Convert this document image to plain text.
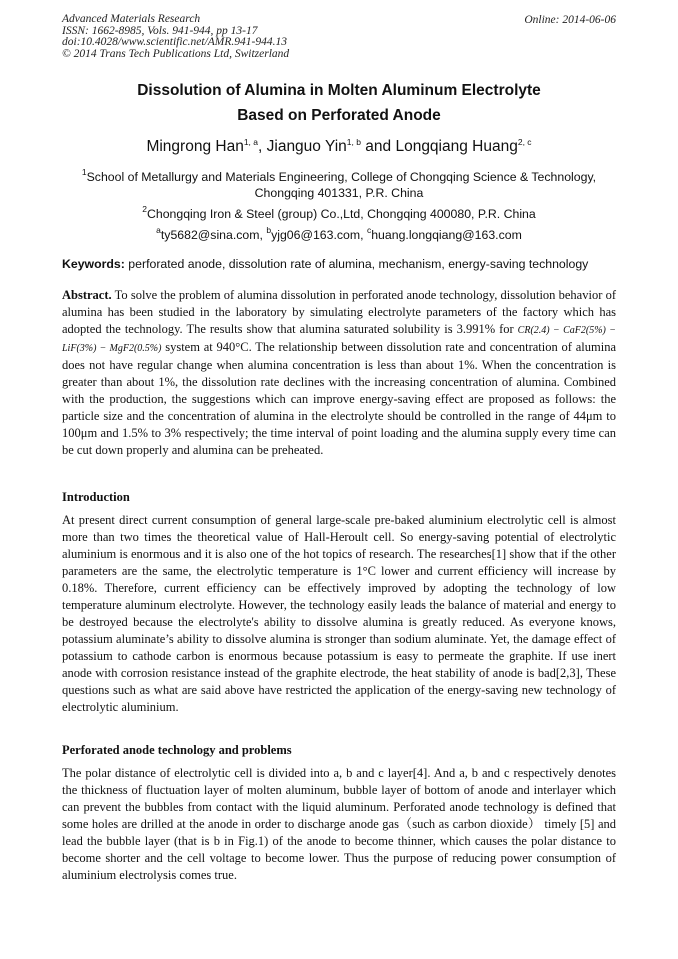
Advanced Materials Research
ISSN: 1662-8985, Vols. 941-944, pp 13-17
doi:10.4028/www.scientific.net/AMR.941-944.13
© 2014 Trans Tech Publications Ltd, Switzerland
Online: 2014-06-06
Dissolution of Alumina in Molten Aluminum Electrolyte
Based on Perforated Anode
Mingrong Han$^{1, a}$, Jianguo Yin$^{1, b}$ and Longqiang Huang$^{2, c}$
$^1$School of Metallurgy and Materials Engineering, College of Chongqing Science & Technology, Chongqing 401331, P.R. China
$^2$Chongqing Iron & Steel (group) Co.,Ltd, Chongqing 400080, P.R. China
$^a$ty5682@sina.com, $^b$yjg06@163.com, $^c$huang.longqiang@163.com
Keywords: perforated anode, dissolution rate of alumina, mechanism, energy-saving technology
Abstract. To solve the problem of alumina dissolution in perforated anode technology, dissolution behavior of alumina has been studied in the laboratory by simulating electrolyte parameters of the factory which has adopted the technology. The results show that alumina saturated solubility is 3.991% for CR(2.4) − CaF2(5%) − LiF(3%) − MgF2(0.5%) system at 940°C. The relationship between dissolution rate and concentration of alumina does not have regular change when alumina concentration is less than about 1%. When the concentration is greater than about 1%, the dissolution rate declines with the increasing concentration of alumina. Combined with the production, the suggestions which can improve energy-saving effect are proposed as follows: the particle size and the concentration of alumina in the electrolyte should be controlled in the range of 44μm to 100μm and 1.5% to 3% respectively; the time interval of point loading and the alumina supply every time can be cut down properly and alumina can be preheated.
Introduction
At present direct current consumption of general large-scale pre-baked aluminium electrolytic cell is almost more than two times the theoretical value of Hall-Heroult cell. So energy-saving potential of electrolytic aluminium is enormous and it is also one of the hot topics of research. The researches[1] show that if the other parameters are the same, the electrolytic temperature is 1°C lower and current efficiency will increase by 0.18%. Therefore, current efficiency can be effectively improved by adopting the technology of low temperature aluminum electrolyte. However, the technology easily leads the balance of material and energy to be destroyed because the electrolyte's ability to dissolve alumina is greatly reduced. As everyone knows, potassium aluminate’s ability to dissolve alumina is stronger than sodium aluminate. Yet, the damage effect of potassium to cathode carbon is enormous because potassium is easy to permeate the graphite. If use inert anode with corrosion resistance instead of the graphite electrode, the heat stability of anode is bad[2,3], These questions such as what are said above have restricted the application of the energy-saving new technology of electrolytic aluminium.
Perforated anode technology and problems
The polar distance of electrolytic cell is divided into a, b and c layer[4]. And a, b and c respectively denotes the thickness of fluctuation layer of molten aluminum, bubble layer of bottom of anode and interlayer which can prevent the bubbles from contact with the liquid aluminum. Perforated anode technology is defined that some holes are drilled at the anode in order to discharge anode gas（such as carbon dioxide） timely [5] and lead the bubble layer (that is b in Fig.1) of the anode to become thinner, which causes the polar distance to become shorter and the cell voltage to become lower. Thus the purpose of reducing power consumption of aluminium electrolysis comes true.
